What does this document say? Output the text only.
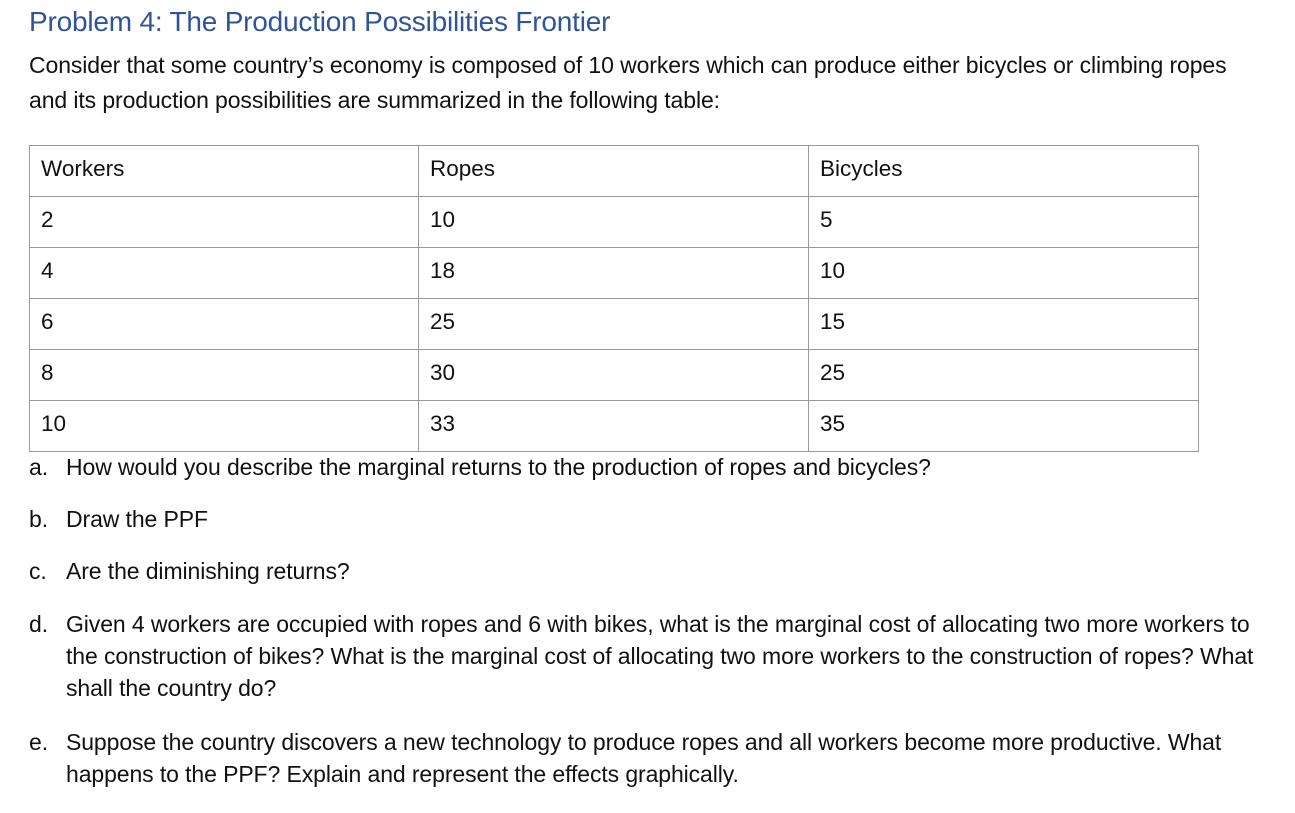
Problem 4: The Production Possibilities Frontier
Consider that some country’s economy is composed of 10 workers which can produce either bicycles or climbing ropes and its production possibilities are summarized in the following table:
Workers	Ropes	Bicycles
2	10	5
4	18	10
6	25	15
8	30	25
10	33	35
a. How would you describe the marginal returns to the production of ropes and bicycles?
b. Draw the PPF
c. Are the diminishing returns?
d. Given 4 workers are occupied with ropes and 6 with bikes, what is the marginal cost of allocating two more workers to the construction of bikes? What is the marginal cost of allocating two more workers to the construction of ropes? What shall the country do?
e. Suppose the country discovers a new technology to produce ropes and all workers become more productive. What happens to the PPF? Explain and represent the effects graphically.
